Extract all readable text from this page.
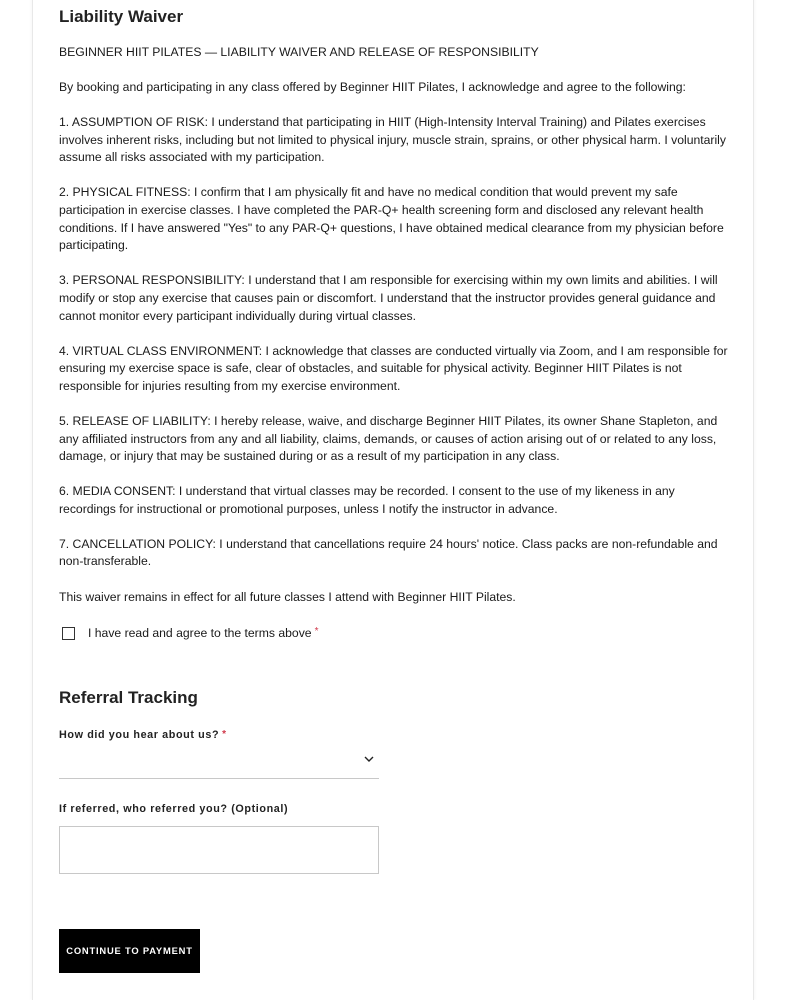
Liability Waiver

BEGINNER HIIT PILATES — LIABILITY WAIVER AND RELEASE OF RESPONSIBILITY

By booking and participating in any class offered by Beginner HIIT Pilates, I acknowledge and agree to the following:

1. ASSUMPTION OF RISK: I understand that participating in HIIT (High-Intensity Interval Training) and Pilates exercises involves inherent risks, including but not limited to physical injury, muscle strain, sprains, or other physical harm. I voluntarily assume all risks associated with my participation.

2. PHYSICAL FITNESS: I confirm that I am physically fit and have no medical condition that would prevent my safe participation in exercise classes. I have completed the PAR-Q+ health screening form and disclosed any relevant health conditions. If I have answered "Yes" to any PAR-Q+ questions, I have obtained medical clearance from my physician before participating.

3. PERSONAL RESPONSIBILITY: I understand that I am responsible for exercising within my own limits and abilities. I will modify or stop any exercise that causes pain or discomfort. I understand that the instructor provides general guidance and cannot monitor every participant individually during virtual classes.

4. VIRTUAL CLASS ENVIRONMENT: I acknowledge that classes are conducted virtually via Zoom, and I am responsible for ensuring my exercise space is safe, clear of obstacles, and suitable for physical activity. Beginner HIIT Pilates is not responsible for injuries resulting from my exercise environment.

5. RELEASE OF LIABILITY: I hereby release, waive, and discharge Beginner HIIT Pilates, its owner Shane Stapleton, and any affiliated instructors from any and all liability, claims, demands, or causes of action arising out of or related to any loss, damage, or injury that may be sustained during or as a result of my participation in any class.

6. MEDIA CONSENT: I understand that virtual classes may be recorded. I consent to the use of my likeness in any recordings for instructional or promotional purposes, unless I notify the instructor in advance.

7. CANCELLATION POLICY: I understand that cancellations require 24 hours' notice. Class packs are non-refundable and non-transferable.

This waiver remains in effect for all future classes I attend with Beginner HIIT Pilates.

I have read and agree to the terms above *
Referral Tracking
How did you hear about us? *
If referred, who referred you? (Optional)
CONTINUE TO PAYMENT
